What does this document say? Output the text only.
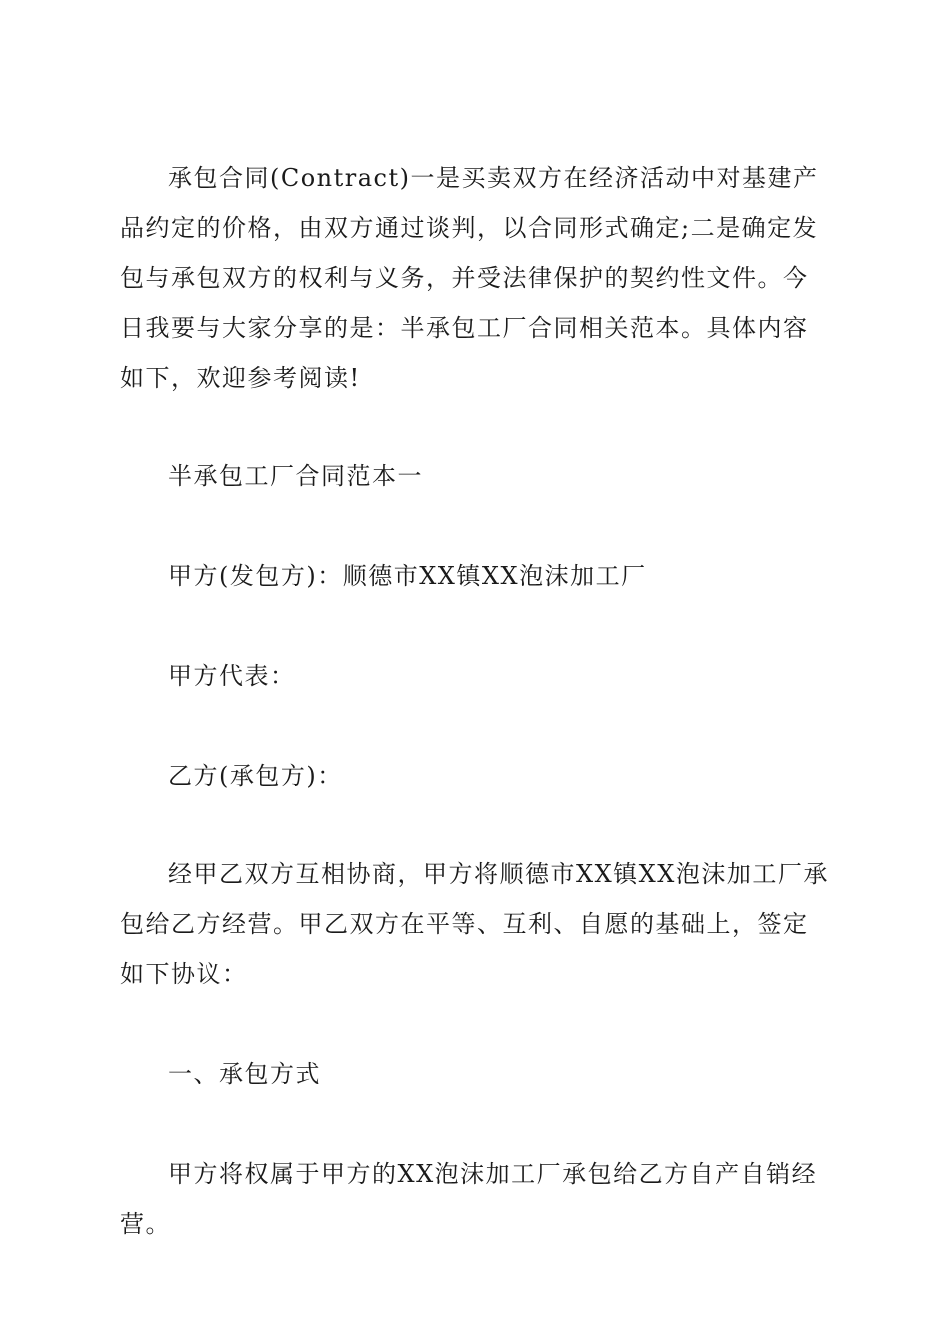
承包合同(Contract)一是买卖双方在经济活动中对基建产品约定的价格，由双方通过谈判，以合同形式确定;二是确定发包与承包双方的权利与义务，并受法律保护的契约性文件。今日我要与大家分享的是：半承包工厂合同相关范本。具体内容如下，欢迎参考阅读!

半承包工厂合同范本一

甲方(发包方)：顺德市XX镇XX泡沫加工厂

甲方代表：

乙方(承包方)：

经甲乙双方互相协商，甲方将顺德市XX镇XX泡沫加工厂承包给乙方经营。甲乙双方在平等、互利、自愿的基础上，签定如下协议：

一、承包方式

甲方将权属于甲方的XX泡沫加工厂承包给乙方自产自销经营。
